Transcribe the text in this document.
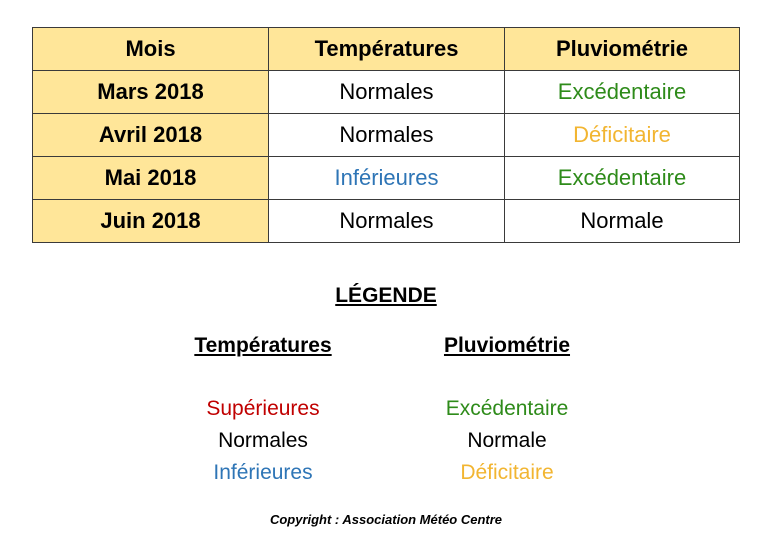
Mois	Températures	Pluviométrie
Mars 2018	Normales	Excédentaire
Avril 2018	Normales	Déficitaire
Mai 2018	Inférieures	Excédentaire
Juin 2018	Normales	Normale
LÉGENDE
Températures
Supérieures
Normales
Inférieures
Pluviométrie
Excédentaire
Normale
Déficitaire
Copyright : Association Météo Centre
